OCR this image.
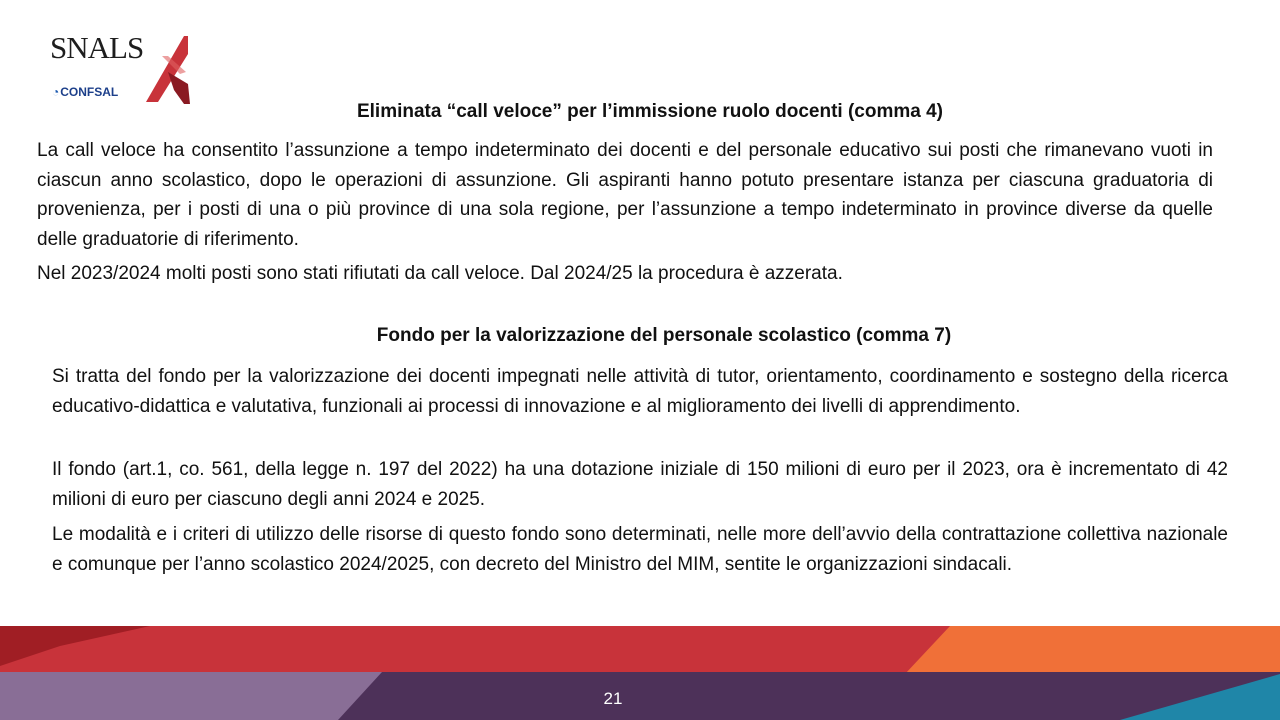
SNALS
◔CONFSAL
Eliminata “call veloce” per l’immissione ruolo docenti (comma 4)

La call veloce ha consentito l’assunzione a tempo indeterminato dei docenti e del personale educativo sui posti che rimanevano vuoti in ciascun anno scolastico, dopo le operazioni di assunzione. Gli aspiranti hanno potuto presentare istanza per ciascuna graduatoria di provenienza, per i posti di una o più province di una sola regione, per l’assunzione a tempo indeterminato in province diverse da quelle delle graduatorie di riferimento.

Nel 2023/2024 molti posti sono stati rifiutati da call veloce. Dal 2024/25 la procedura è azzerata.

Fondo per la valorizzazione del personale scolastico (comma 7)

Si tratta del fondo per la valorizzazione dei docenti impegnati nelle attività di tutor, orientamento, coordinamento e sostegno della ricerca educativo-didattica e valutativa, funzionali ai processi di innovazione e al miglioramento dei livelli di apprendimento.

Il fondo (art.1, co. 561, della legge n. 197 del 2022) ha una dotazione iniziale di 150 milioni di euro per il 2023, ora è incrementato di 42 milioni di euro per ciascuno degli anni 2024 e 2025.

Le modalità e i criteri di utilizzo delle risorse di questo fondo sono determinati, nelle more dell’avvio della contrattazione collettiva nazionale e comunque per l’anno scolastico 2024/2025, con decreto del Ministro del MIM, sentite le organizzazioni sindacali.

21
